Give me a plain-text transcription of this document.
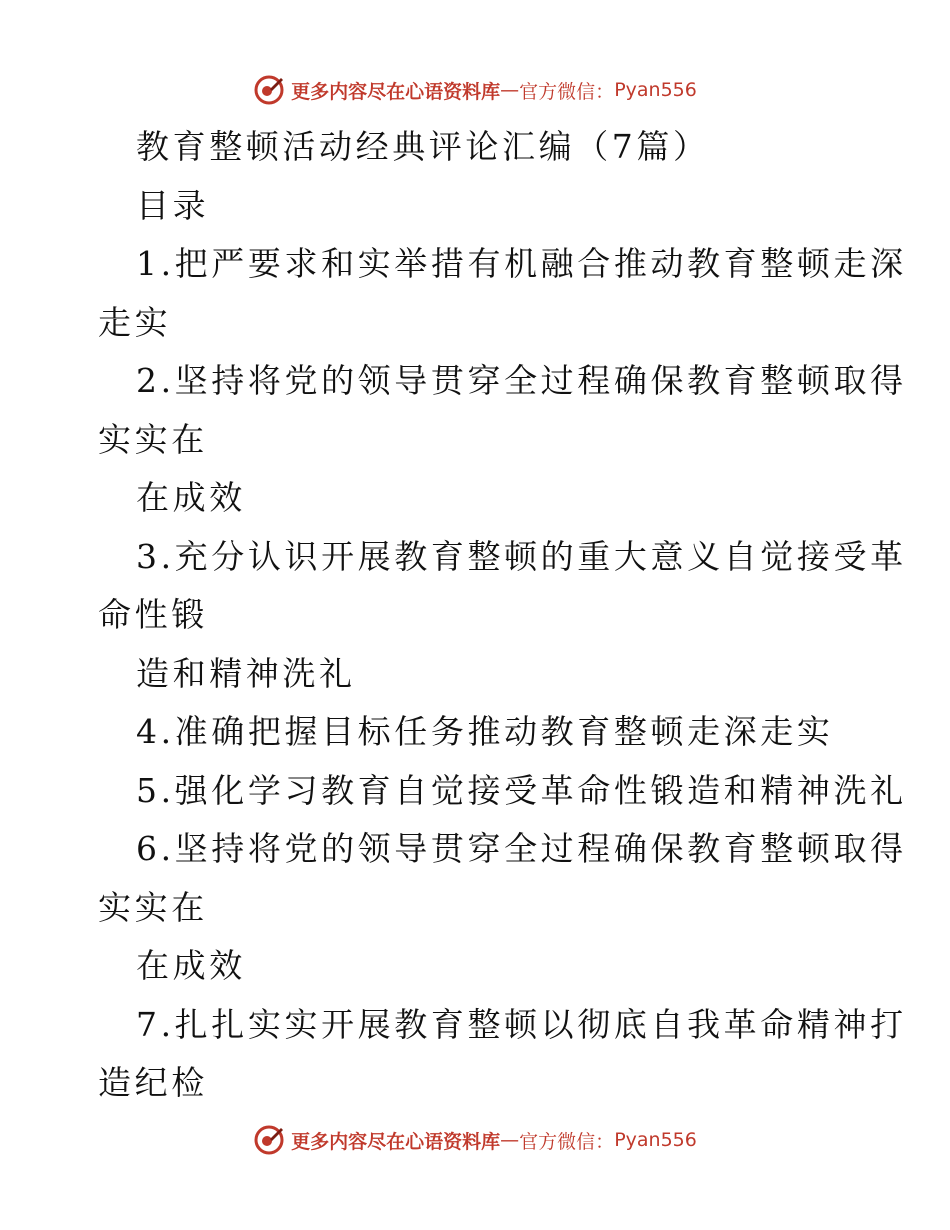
更多内容尽在心语资料库 — 官方微信： Pyan556
教育整顿活动经典评论汇编（7篇）
目录
1.把严要求和实举措有机融合推动教育整顿走深
走实
2.坚持将党的领导贯穿全过程确保教育整顿取得
实实在
在成效
3.充分认识开展教育整顿的重大意义自觉接受革
命性锻
造和精神洗礼
4.准确把握目标任务推动教育整顿走深走实
5.强化学习教育自觉接受革命性锻造和精神洗礼
6.坚持将党的领导贯穿全过程确保教育整顿取得
实实在
在成效
7.扎扎实实开展教育整顿以彻底自我革命精神打
造纪检
更多内容尽在心语资料库 — 官方微信： Pyan556
